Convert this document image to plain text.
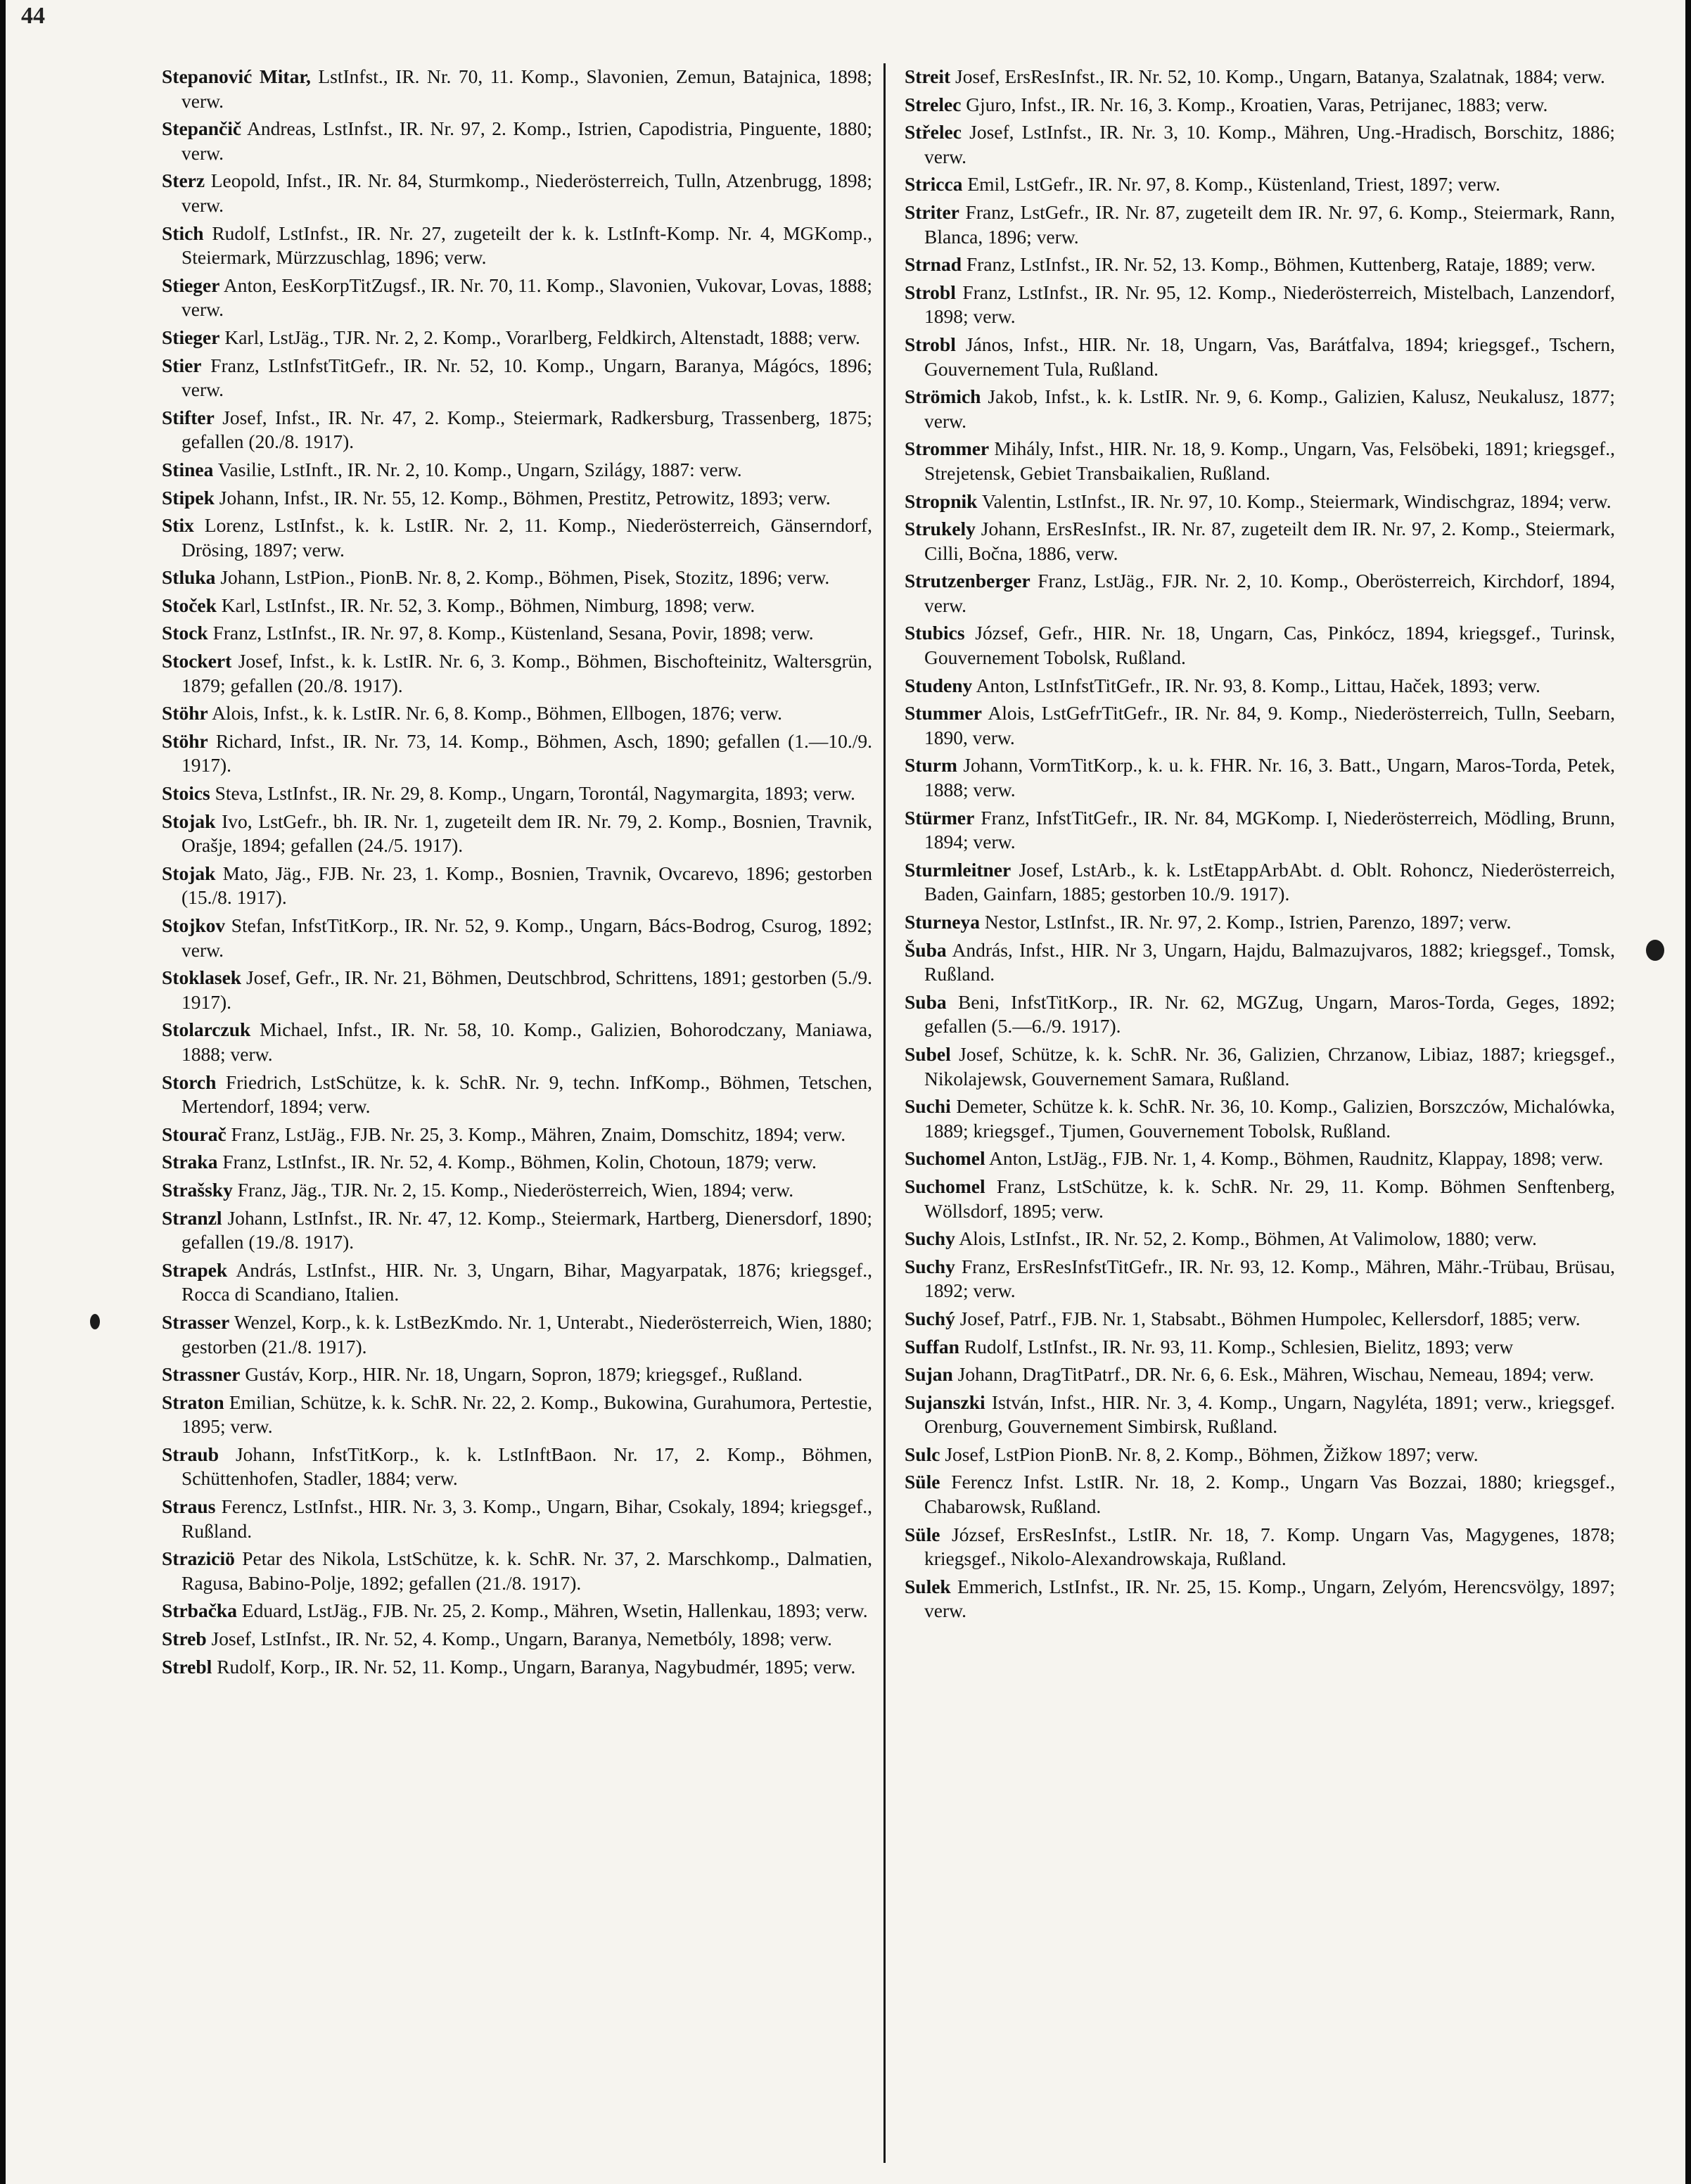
44
Stepanović Mitar, LstInfst., IR. Nr. 70, 11. Komp., Slavonien, Zemun, Batajnica, 1898; verw.
Stepančič Andreas, LstInfst., IR. Nr. 97, 2. Komp., Istrien, Capodistria, Pinguente, 1880; verw.
Sterz Leopold, Infst., IR. Nr. 84, Sturmkomp., Niederösterreich, Tulln, Atzenbrugg, 1898; verw.
Stich Rudolf, LstInfst., IR. Nr. 27, zugeteilt der k. k. LstInft-Komp. Nr. 4, MGKomp., Steiermark, Mürzzuschlag, 1896; verw.
Stieger Anton, EesKorpTitZugsf., IR. Nr. 70, 11. Komp., Slavonien, Vukovar, Lovas, 1888; verw.
Stieger Karl, LstJäg., TJR. Nr. 2, 2. Komp., Vorarlberg, Feldkirch, Altenstadt, 1888; verw.
Stier Franz, LstInfstTitGefr., IR. Nr. 52, 10. Komp., Ungarn, Baranya, Mágócs, 1896; verw.
Stifter Josef, Infst., IR. Nr. 47, 2. Komp., Steiermark, Radkersburg, Trassenberg, 1875; gefallen (20./8. 1917).
Stinea Vasilie, LstInft., IR. Nr. 2, 10. Komp., Ungarn, Szilágy, 1887: verw.
Stipek Johann, Infst., IR. Nr. 55, 12. Komp., Böhmen, Prestitz, Petrowitz, 1893; verw.
Stix Lorenz, LstInfst., k. k. LstIR. Nr. 2, 11. Komp., Niederösterreich, Gänserndorf, Drösing, 1897; verw.
Stluka Johann, LstPion., PionB. Nr. 8, 2. Komp., Böhmen, Pisek, Stozitz, 1896; verw.
Stoček Karl, LstInfst., IR. Nr. 52, 3. Komp., Böhmen, Nimburg, 1898; verw.
Stock Franz, LstInfst., IR. Nr. 97, 8. Komp., Küstenland, Sesana, Povir, 1898; verw.
Stockert Josef, Infst., k. k. LstIR. Nr. 6, 3. Komp., Böhmen, Bischofteinitz, Waltersgrün, 1879; gefallen (20./8. 1917).
Stöhr Alois, Infst., k. k. LstIR. Nr. 6, 8. Komp., Böhmen, Ellbogen, 1876; verw.
Stöhr Richard, Infst., IR. Nr. 73, 14. Komp., Böhmen, Asch, 1890; gefallen (1.—10./9. 1917).
Stoics Steva, LstInfst., IR. Nr. 29, 8. Komp., Ungarn, Torontál, Nagymargita, 1893; verw.
Stojak Ivo, LstGefr., bh. IR. Nr. 1, zugeteilt dem IR. Nr. 79, 2. Komp., Bosnien, Travnik, Orašje, 1894; gefallen (24./5. 1917).
Stojak Mato, Jäg., FJB. Nr. 23, 1. Komp., Bosnien, Travnik, Ovcarevo, 1896; gestorben (15./8. 1917).
Stojkov Stefan, InfstTitKorp., IR. Nr. 52, 9. Komp., Ungarn, Bács-Bodrog, Csurog, 1892; verw.
Stoklasek Josef, Gefr., IR. Nr. 21, Böhmen, Deutschbrod, Schrittens, 1891; gestorben (5./9. 1917).
Stolarczuk Michael, Infst., IR. Nr. 58, 10. Komp., Galizien, Bohorodczany, Maniawa, 1888; verw.
Storch Friedrich, LstSchütze, k. k. SchR. Nr. 9, techn. InfKomp., Böhmen, Tetschen, Mertendorf, 1894; verw.
Stourač Franz, LstJäg., FJB. Nr. 25, 3. Komp., Mähren, Znaim, Domschitz, 1894; verw.
Straka Franz, LstInfst., IR. Nr. 52, 4. Komp., Böhmen, Kolin, Chotoun, 1879; verw.
Strašsky Franz, Jäg., TJR. Nr. 2, 15. Komp., Niederösterreich, Wien, 1894; verw.
Stranzl Johann, LstInfst., IR. Nr. 47, 12. Komp., Steiermark, Hartberg, Dienersdorf, 1890; gefallen (19./8. 1917).
Strapek András, LstInfst., HIR. Nr. 3, Ungarn, Bihar, Magyarpatak, 1876; kriegsgef., Rocca di Scandiano, Italien.
Strasser Wenzel, Korp., k. k. LstBezKmdo. Nr. 1, Unterabt., Niederösterreich, Wien, 1880; gestorben (21./8. 1917).
Strassner Gustáv, Korp., HIR. Nr. 18, Ungarn, Sopron, 1879; kriegsgef., Rußland.
Straton Emilian, Schütze, k. k. SchR. Nr. 22, 2. Komp., Bukowina, Gurahumora, Pertestie, 1895; verw.
Straub Johann, InfstTitKorp., k. k. LstInftBaon. Nr. 17, 2. Komp., Böhmen, Schüttenhofen, Stadler, 1884; verw.
Straus Ferencz, LstInfst., HIR. Nr. 3, 3. Komp., Ungarn, Bihar, Csokaly, 1894; kriegsgef., Rußland.
Straziciö Petar des Nikola, LstSchütze, k. k. SchR. Nr. 37, 2. Marschkomp., Dalmatien, Ragusa, Babino-Polje, 1892; gefallen (21./8. 1917).
Strbačka Eduard, LstJäg., FJB. Nr. 25, 2. Komp., Mähren, Wsetin, Hallenkau, 1893; verw.
Streb Josef, LstInfst., IR. Nr. 52, 4. Komp., Ungarn, Baranya, Nemetbóly, 1898; verw.
Strebl Rudolf, Korp., IR. Nr. 52, 11. Komp., Ungarn, Baranya, Nagybudmér, 1895; verw.
Streit Josef, ErsResInfst., IR. Nr. 52, 10. Komp., Ungarn, Batanya, Szalatnak, 1884; verw.
Strelec Gjuro, Infst., IR. Nr. 16, 3. Komp., Kroatien, Varas, Petrijanec, 1883; verw.
Střelec Josef, LstInfst., IR. Nr. 3, 10. Komp., Mähren, Ung.-Hradisch, Borschitz, 1886; verw.
Stricca Emil, LstGefr., IR. Nr. 97, 8. Komp., Küstenland, Triest, 1897; verw.
Striter Franz, LstGefr., IR. Nr. 87, zugeteilt dem IR. Nr. 97, 6. Komp., Steiermark, Rann, Blanca, 1896; verw.
Strnad Franz, LstInfst., IR. Nr. 52, 13. Komp., Böhmen, Kuttenberg, Rataje, 1889; verw.
Strobl Franz, LstInfst., IR. Nr. 95, 12. Komp., Niederösterreich, Mistelbach, Lanzendorf, 1898; verw.
Strobl János, Infst., HIR. Nr. 18, Ungarn, Vas, Barátfalva, 1894; kriegsgef., Tschern, Gouvernement Tula, Rußland.
Strömich Jakob, Infst., k. k. LstIR. Nr. 9, 6. Komp., Galizien, Kalusz, Neukalusz, 1877; verw.
Strommer Mihály, Infst., HIR. Nr. 18, 9. Komp., Ungarn, Vas, Felsöbeki, 1891; kriegsgef., Strejetensk, Gebiet Transbaikalien, Rußland.
Stropnik Valentin, LstInfst., IR. Nr. 97, 10. Komp., Steiermark, Windischgraz, 1894; verw.
Strukely Johann, ErsResInfst., IR. Nr. 87, zugeteilt dem IR. Nr. 97, 2. Komp., Steiermark, Cilli, Bočna, 1886, verw.
Strutzenberger Franz, LstJäg., FJR. Nr. 2, 10. Komp., Oberösterreich, Kirchdorf, 1894, verw.
Stubics József, Gefr., HIR. Nr. 18, Ungarn, Cas, Pinkócz, 1894, kriegsgef., Turinsk, Gouvernement Tobolsk, Rußland.
Studeny Anton, LstInfstTitGefr., IR. Nr. 93, 8. Komp., Littau, Haček, 1893; verw.
Stummer Alois, LstGefrTitGefr., IR. Nr. 84, 9. Komp., Niederösterreich, Tulln, Seebarn, 1890, verw.
Sturm Johann, VormTitKorp., k. u. k. FHR. Nr. 16, 3. Batt., Ungarn, Maros-Torda, Petek, 1888; verw.
Stürmer Franz, InfstTitGefr., IR. Nr. 84, MGKomp. I, Niederösterreich, Mödling, Brunn, 1894; verw.
Sturmleitner Josef, LstArb., k. k. LstEtappArbAbt. d. Oblt. Rohoncz, Niederösterreich, Baden, Gainfarn, 1885; gestorben 10./9. 1917).
Sturneya Nestor, LstInfst., IR. Nr. 97, 2. Komp., Istrien, Parenzo, 1897; verw.
Šuba András, Infst., HIR. Nr 3, Ungarn, Hajdu, Balmazujvaros, 1882; kriegsgef., Tomsk, Rußland.
Suba Beni, InfstTitKorp., IR. Nr. 62, MGZug, Ungarn, Maros-Torda, Geges, 1892; gefallen (5.—6./9. 1917).
Subel Josef, Schütze, k. k. SchR. Nr. 36, Galizien, Chrzanow, Libiaz, 1887; kriegsgef., Nikolajewsk, Gouvernement Samara, Rußland.
Suchi Demeter, Schütze k. k. SchR. Nr. 36, 10. Komp., Galizien, Borszczów, Michalówka, 1889; kriegsgef., Tjumen, Gouvernement Tobolsk, Rußland.
Suchomel Anton, LstJäg., FJB. Nr. 1, 4. Komp., Böhmen, Raudnitz, Klappay, 1898; verw.
Suchomel Franz, LstSchütze, k. k. SchR. Nr. 29, 11. Komp. Böhmen Senftenberg, Wöllsdorf, 1895; verw.
Suchy Alois, LstInfst., IR. Nr. 52, 2. Komp., Böhmen, At Valimolow, 1880; verw.
Suchy Franz, ErsResInfstTitGefr., IR. Nr. 93, 12. Komp., Mähren, Mähr.-Trübau, Brüsau, 1892; verw.
Suchý Josef, Patrf., FJB. Nr. 1, Stabsabt., Böhmen Humpolec, Kellersdorf, 1885; verw.
Suffan Rudolf, LstInfst., IR. Nr. 93, 11. Komp., Schlesien, Bielitz, 1893; verw
Sujan Johann, DragTitPatrf., DR. Nr. 6, 6. Esk., Mähren, Wischau, Nemeau, 1894; verw.
Sujanszki István, Infst., HIR. Nr. 3, 4. Komp., Ungarn, Nagyléta, 1891; verw., kriegsgef. Orenburg, Gouvernement Simbirsk, Rußland.
Sulc Josef, LstPion PionB. Nr. 8, 2. Komp., Böhmen, Žižkow 1897; verw.
Süle Ferencz Infst. LstIR. Nr. 18, 2. Komp., Ungarn Vas Bozzai, 1880; kriegsgef., Chabarowsk, Rußland.
Süle József, ErsResInfst., LstIR. Nr. 18, 7. Komp. Ungarn Vas, Magygenes, 1878; kriegsgef., Nikolo-Alexandrowskaja, Rußland.
Sulek Emmerich, LstInfst., IR. Nr. 25, 15. Komp., Ungarn, Zelyóm, Herencsvölgy, 1897; verw.
